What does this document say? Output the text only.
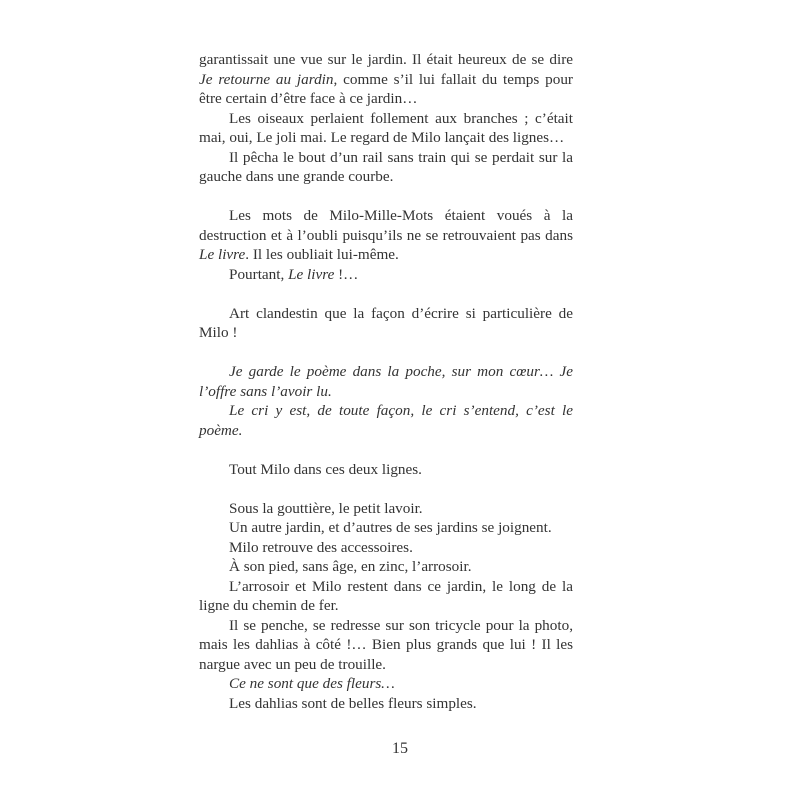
garantissait une vue sur le jardin. Il était heureux de se dire Je retourne au jardin, comme s’il lui fallait du temps pour être certain d’être face à ce jardin…

Les oiseaux perlaient follement aux branches ; c’était mai, oui, Le joli mai. Le regard de Milo lançait des lignes…

Il pêcha le bout d’un rail sans train qui se perdait sur la gauche dans une grande courbe.

Les mots de Milo-Mille-Mots étaient voués à la destruction et à l’oubli puisqu’ils ne se retrouvaient pas dans Le livre. Il les oubliait lui-même.

Pourtant, Le livre !…

Art clandestin que la façon d’écrire si particulière de Milo !

Je garde le poème dans la poche, sur mon cœur… Je l’offre sans l’avoir lu.

Le cri y est, de toute façon, le cri s’entend, c’est le poème.

Tout Milo dans ces deux lignes.

Sous la gouttière, le petit lavoir.

Un autre jardin, et d’autres de ses jardins se joignent.

Milo retrouve des accessoires.

À son pied, sans âge, en zinc, l’arrosoir.

L’arrosoir et Milo restent dans ce jardin, le long de la ligne du chemin de fer.

Il se penche, se redresse sur son tricycle pour la photo, mais les dahlias à côté !… Bien plus grands que lui ! Il les nargue avec un peu de trouille.

Ce ne sont que des fleurs…

Les dahlias sont de belles fleurs simples.

15
